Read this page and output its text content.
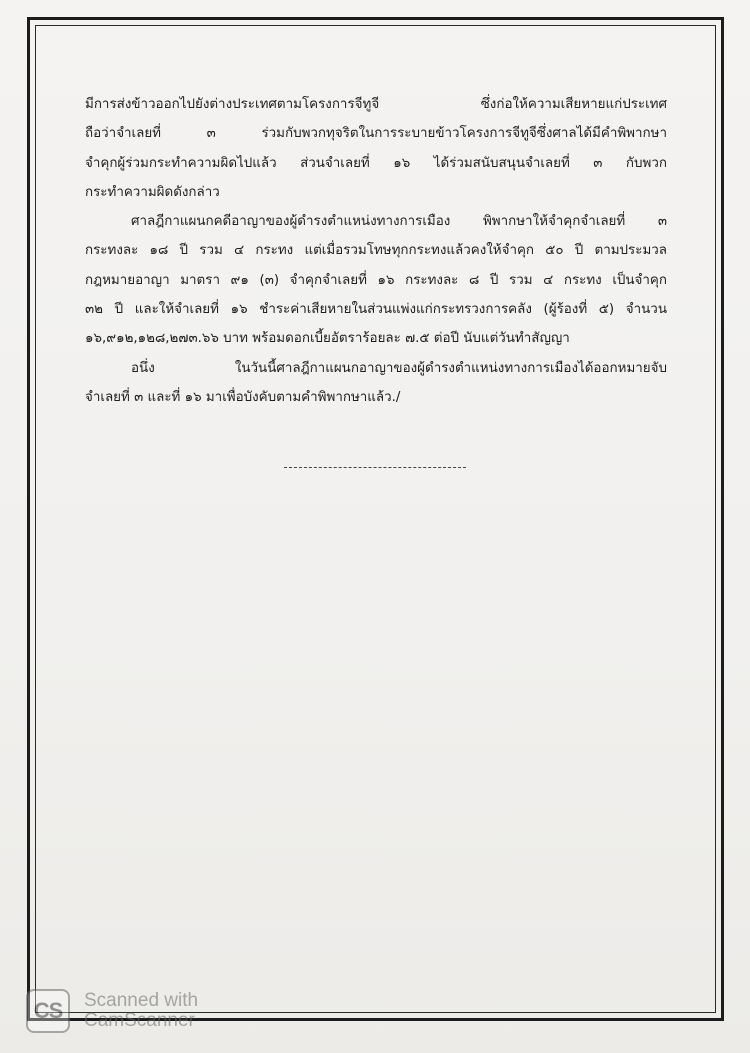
มีการส่งข้าวออกไปยังต่างประเทศตามโครงการจีทูจี ซึ่งก่อให้ความเสียหายแก่ประเทศ
ถือว่าจำเลยที่ ๓ ร่วมกับพวกทุจริตในการระบายข้าวโครงการจีทูจีซึ่งศาลได้มีคำพิพากษา
จำคุกผู้ร่วมกระทำความผิดไปแล้ว ส่วนจำเลยที่ ๑๖ ได้ร่วมสนับสนุนจำเลยที่ ๓ กับพวก
กระทำความผิดดังกล่าว
ศาลฎีกาแผนกคดีอาญาของผู้ดำรงตำแหน่งทางการเมือง พิพากษาให้จำคุกจำเลยที่ ๓
กระทงละ ๑๘ ปี รวม ๔ กระทง แต่เมื่อรวมโทษทุกกระทงแล้วคงให้จำคุก ๕๐ ปี ตามประมวล
กฎหมายอาญา มาตรา ๙๑ (๓) จำคุกจำเลยที่ ๑๖ กระทงละ ๘ ปี รวม ๔ กระทง เป็นจำคุก
๓๒ ปี และให้จำเลยที่ ๑๖ ชำระค่าเสียหายในส่วนแพ่งแก่กระทรวงการคลัง (ผู้ร้องที่ ๕) จำนวน
๑๖,๙๑๒,๑๒๘,๒๗๓.๖๖ บาท พร้อมดอกเบี้ยอัตราร้อยละ ๗.๕ ต่อปี นับแต่วันทำสัญญา
อนึ่ง ในวันนี้ศาลฎีกาแผนกอาญาของผู้ดำรงตำแหน่งทางการเมืองได้ออกหมายจับ
จำเลยที่ ๓ และที่ ๑๖ มาเพื่อบังคับตามคำพิพากษาแล้ว./
CS	Scanned with
CamScanner
